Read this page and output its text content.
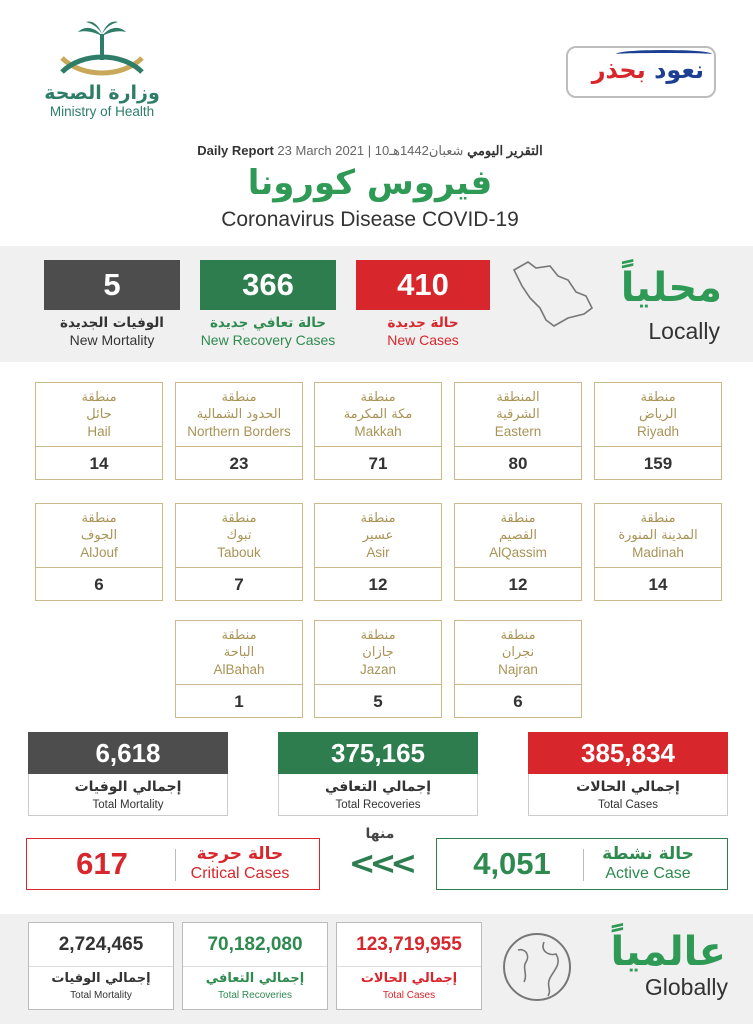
وزارة الصحة
Ministry of Health
نعود بحذر
Daily Report 23 March 2021 | 10شعبان1442هـ التقرير اليومي
فيروس كورونا
Coronavirus Disease COVID-19
410
حالة جديدة
New Cases
366
حالة تعافي جديدة
New Recovery Cases
5
الوفيات الجديدة
New Mortality
محلياً
Locally
منطقة
الرياض
Riyadh
159
المنطقة
الشرقية
Eastern
80
منطقة
مكة المكرمة
Makkah
71
منطقة
الحدود الشمالية
Northern Borders
23
منطقة
حائل
Hail
14
منطقة
المدينة المنورة
Madinah
14
منطقة
القصيم
AlQassim
12
منطقة
عسير
Asir
12
منطقة
تبوك
Tabouk
7
منطقة
الجوف
AlJouf
6
منطقة
نجران
Najran
6
منطقة
جازان
Jazan
5
منطقة
الباحة
AlBahah
1
385,834
إجمالي الحالات
Total Cases
375,165
إجمالي التعافي
Total Recoveries
6,618
إجمالي الوفيات
Total Mortality
4,051	حالة نشطة
Active Case
منها
<<<
617	حالة حرجة
Critical Cases
123,719,955
إجمالي الحالات
Total Cases
70,182,080
إجمالي التعافي
Total Recoveries
2,724,465
إجمالي الوفيات
Total Mortality
عالمياً
Globally
